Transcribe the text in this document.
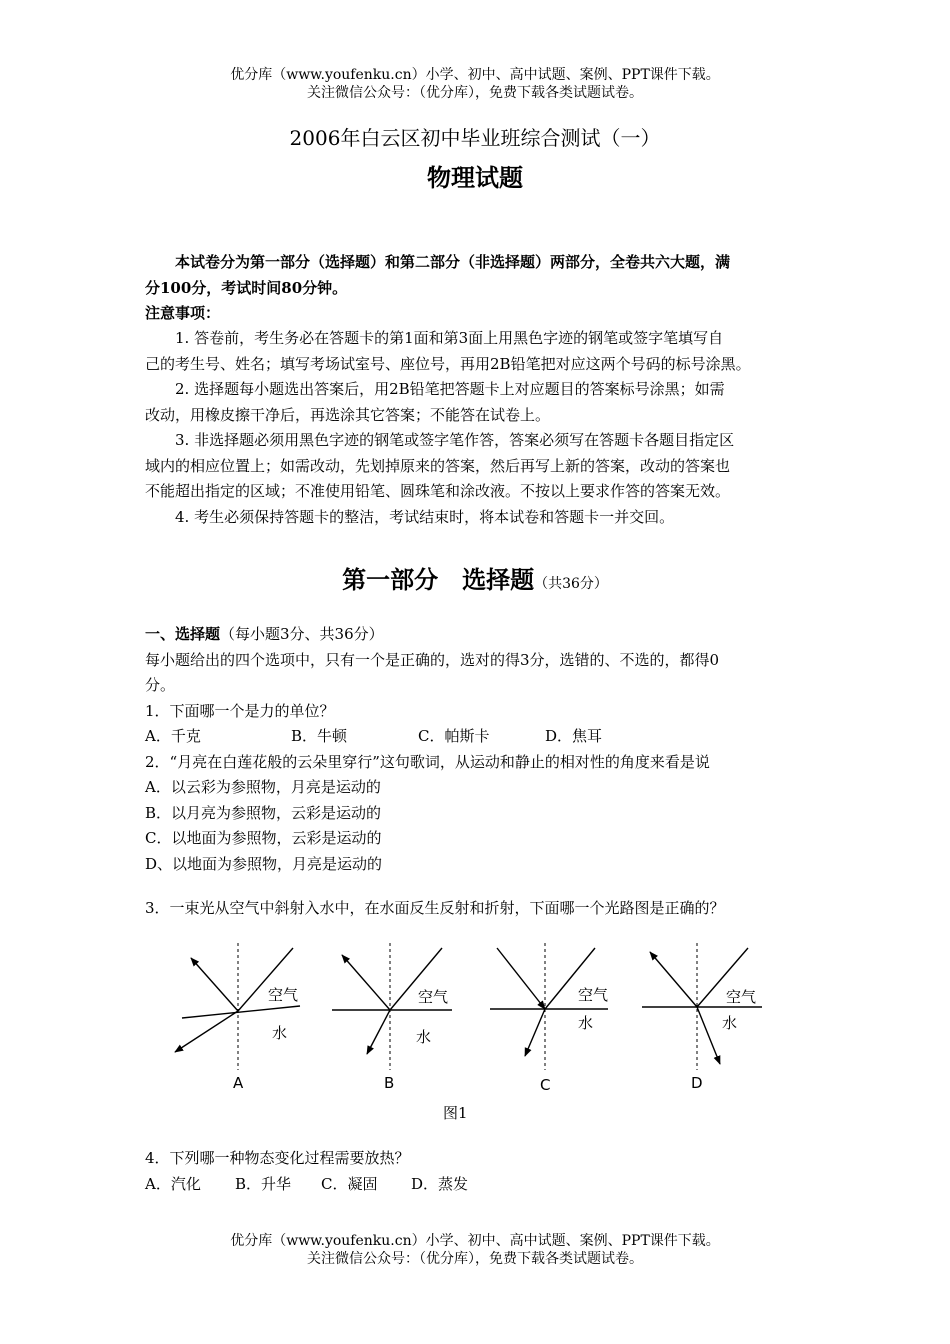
优分库（www.youfenku.cn）小学、初中、高中试题、案例、PPT课件下载。
关注微信公众号：（优分库），免费下载各类试题试卷。
2006年白云区初中毕业班综合测试（一）
物理试题
本试卷分为第一部分（选择题）和第二部分（非选择题）两部分，全卷共六大题，满
分100分，考试时间80分钟。
注意事项：
1. 答卷前，考生务必在答题卡的第1面和第3面上用黑色字迹的钢笔或签字笔填写自
己的考生号、姓名；填写考场试室号、座位号，再用2B铅笔把对应这两个号码的标号涂黑。
2. 选择题每小题选出答案后，用2B铅笔把答题卡上对应题目的答案标号涂黑；如需
改动，用橡皮擦干净后，再选涂其它答案；不能答在试卷上。
3. 非选择题必须用黑色字迹的钢笔或签字笔作答，答案必须写在答题卡各题目指定区
域内的相应位置上；如需改动，先划掉原来的答案，然后再写上新的答案，改动的答案也
不能超出指定的区域；不准使用铅笔、圆珠笔和涂改液。不按以上要求作答的答案无效。
4. 考生必须保持答题卡的整洁，考试结束时，将本试卷和答题卡一并交回。
第一部分　选择题（共36分）
一、选择题（每小题3分、共36分）
每小题给出的四个选项中，只有一个是正确的，选对的得3分，选错的、不选的，都得0
分。
1．下面哪一个是力的单位？
A．千克	B．牛顿	C．帕斯卡	D．焦耳
2．“月亮在白莲花般的云朵里穿行”这句歌词，从运动和静止的相对性的角度来看是说
A．以云彩为参照物，月亮是运动的
B．以月亮为参照物，云彩是运动的
C．以地面为参照物，云彩是运动的
D、以地面为参照物，月亮是运动的
3．一束光从空气中斜射入水中，在水面反生反射和折射，下面哪一个光路图是正确的？
空气
水
A
空气
水
B
空气
水
C
空气
水
D
图1
4．下列哪一种物态变化过程需要放热？
A．汽化 B．升华 C．凝固 D．蒸发
优分库（www.youfenku.cn）小学、初中、高中试题、案例、PPT课件下载。
关注微信公众号：（优分库），免费下载各类试题试卷。
